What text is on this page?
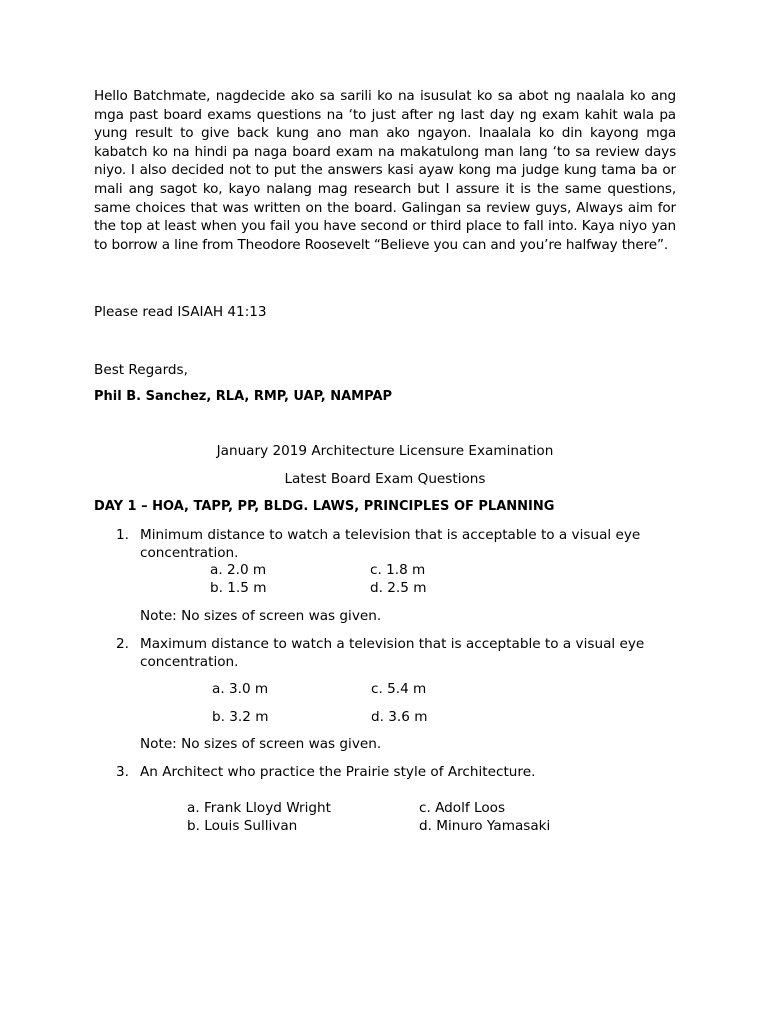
Hello Batchmate, nagdecide ako sa sarili ko na isusulat ko sa abot ng naalala ko ang mga past board exams questions na ‘to just after ng last day ng exam kahit wala pa yung result to give back kung ano man ako ngayon. Inaalala ko din kayong mga kabatch ko na hindi pa naga board exam na makatulong man lang ‘to sa review days niyo. I also decided not to put the answers kasi ayaw kong ma judge kung tama ba or mali ang sagot ko, kayo nalang mag research but I assure it is the same questions, same choices that was written on the board. Galingan sa review guys, Always aim for the top at least when you fail you have second or third place to fall into. Kaya niyo yan to borrow a line from Theodore Roosevelt “Believe you can and you’re halfway there”.
Please read ISAIAH 41:13
Best Regards,
Phil B. Sanchez, RLA, RMP, UAP, NAMPAP
January 2019 Architecture Licensure Examination
Latest Board Exam Questions
DAY 1 – HOA, TAPP, PP, BLDG. LAWS, PRINCIPLES OF PLANNING
1. Minimum distance to watch a television that is acceptable to a visual eye concentration.
a. 2.0 m
b. 1.5 m
c. 1.8 m
d. 2.5 m
Note: No sizes of screen was given.
2. Maximum distance to watch a television that is acceptable to a visual eye concentration.
a. 3.0 m
b. 3.2 m
c. 5.4 m
d. 3.6 m
Note: No sizes of screen was given.
3. An Architect who practice the Prairie style of Architecture.
a. Frank Lloyd Wright
b. Louis Sullivan
c. Adolf Loos
d. Minuro Yamasaki
